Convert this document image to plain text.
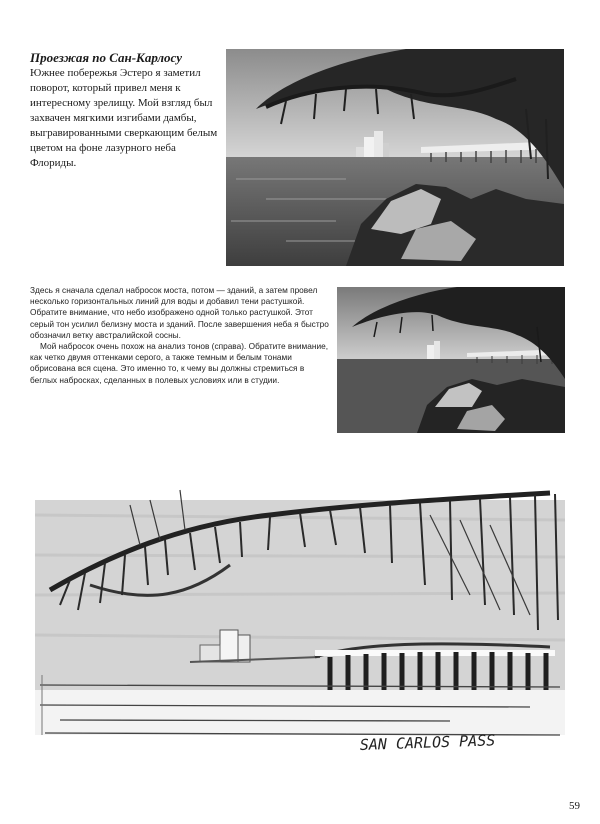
Проезжая по Сан-Карлосу
Южнее побережья Эстеро я заметил поворот, который привел меня к интересному зрелищу. Мой взгляд был захвачен мягкими изгибами дамбы, выгравированными сверкающим белым цветом на фоне лазурного неба Флориды.

Здесь я сначала сделал набросок моста, потом — зданий, а затем провел несколько горизонтальных линий для воды и добавил тени растушкой. Обратите внимание, что небо изображено одной только растушкой. Этот серый тон усилил белизну моста и зданий. После завершения неба я быстро обозначил ветку австралийской сосны.

Мой набросок очень похож на анализ тонов (справа). Обратите внимание, как четко двумя оттенками серого, а также темным и белым тонами обрисована вся сцена. Это именно то, к чему вы должны стремиться в беглых набросках, сделанных в полевых условиях или в студии.

SAN CARLOS PASS
59
